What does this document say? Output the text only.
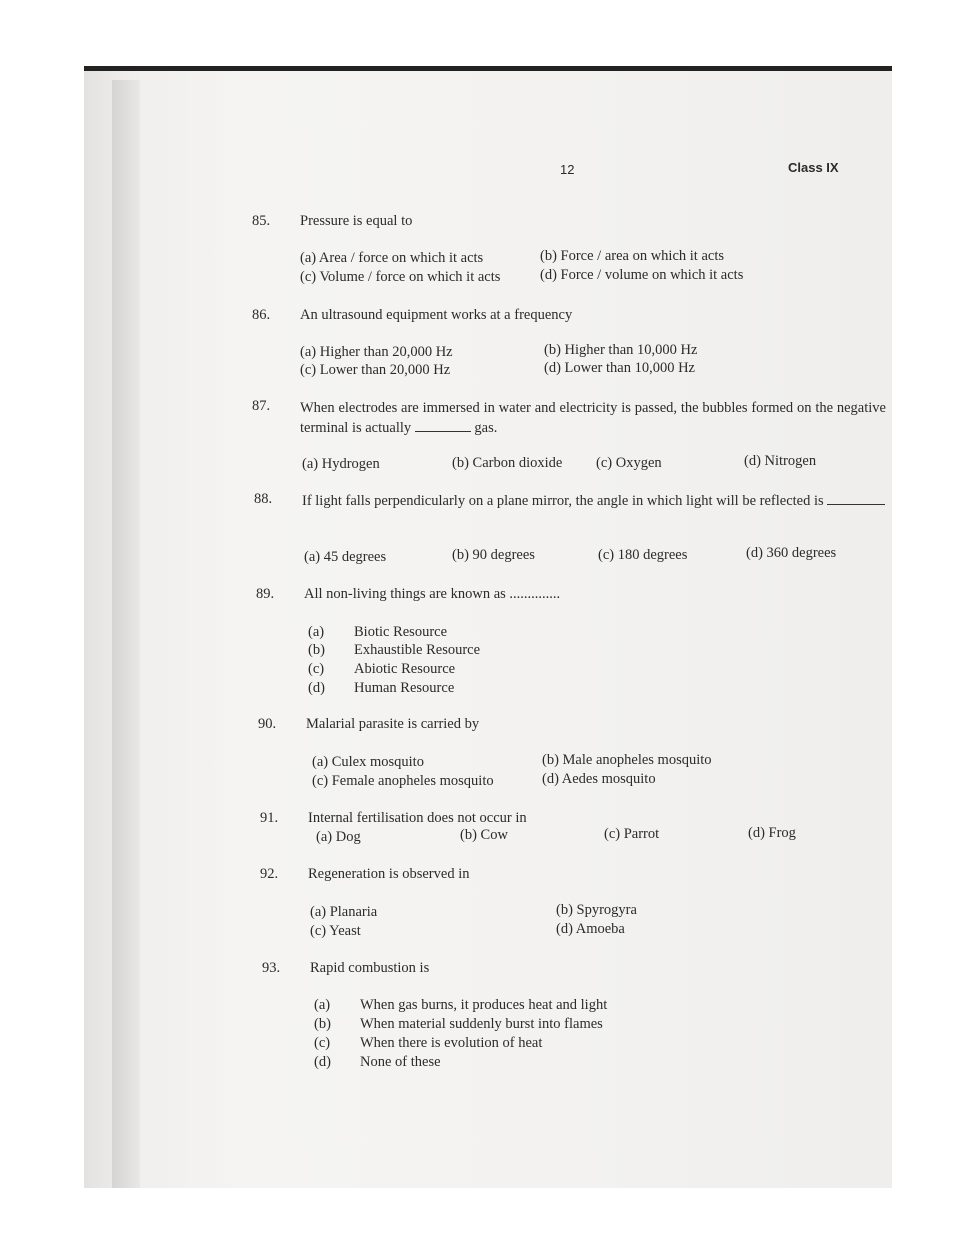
12	Class IX
85. Pressure is equal to
(a) Area / force on which it acts	(b) Force / area on which it acts
(c) Volume / force on which it acts	(d) Force / volume on which it acts
86. An ultrasound equipment works at a frequency
(a) Higher than 20,000 Hz	(b) Higher than 10,000 Hz
(c) Lower than 20,000 Hz	(d) Lower than 10,000 Hz
87. When electrodes are immersed in water and electricity is passed, the bubbles formed on the negative terminal is actually	gas.
(a) Hydrogen	(b) Carbon dioxide (c) Oxygen	(d) Nitrogen
88. If light falls perpendicularly on a plane mirror, the angle in which light will be reflected is
(a) 45 degrees	(b) 90 degrees	(c) 180 degrees	(d) 360 degrees
89. All non-living things are known as ..............
(a) Biotic Resource
(b) Exhaustible Resource
(c) Abiotic Resource
(d) Human Resource
90. Malarial parasite is carried by
(a) Culex mosquito	(b) Male anopheles mosquito
(c) Female anopheles mosquito	(d) Aedes mosquito
91. Internal fertilisation does not occur in
(a) Dog	(b) Cow	(c) Parrot	(d) Frog
92. Regeneration is observed in
(a) Planaria	(b) Spyrogyra
(c) Yeast	(d) Amoeba
93. Rapid combustion is
(a) When gas burns, it produces heat and light
(b) When material suddenly burst into flames
(c) When there is evolution of heat
(d) None of these
